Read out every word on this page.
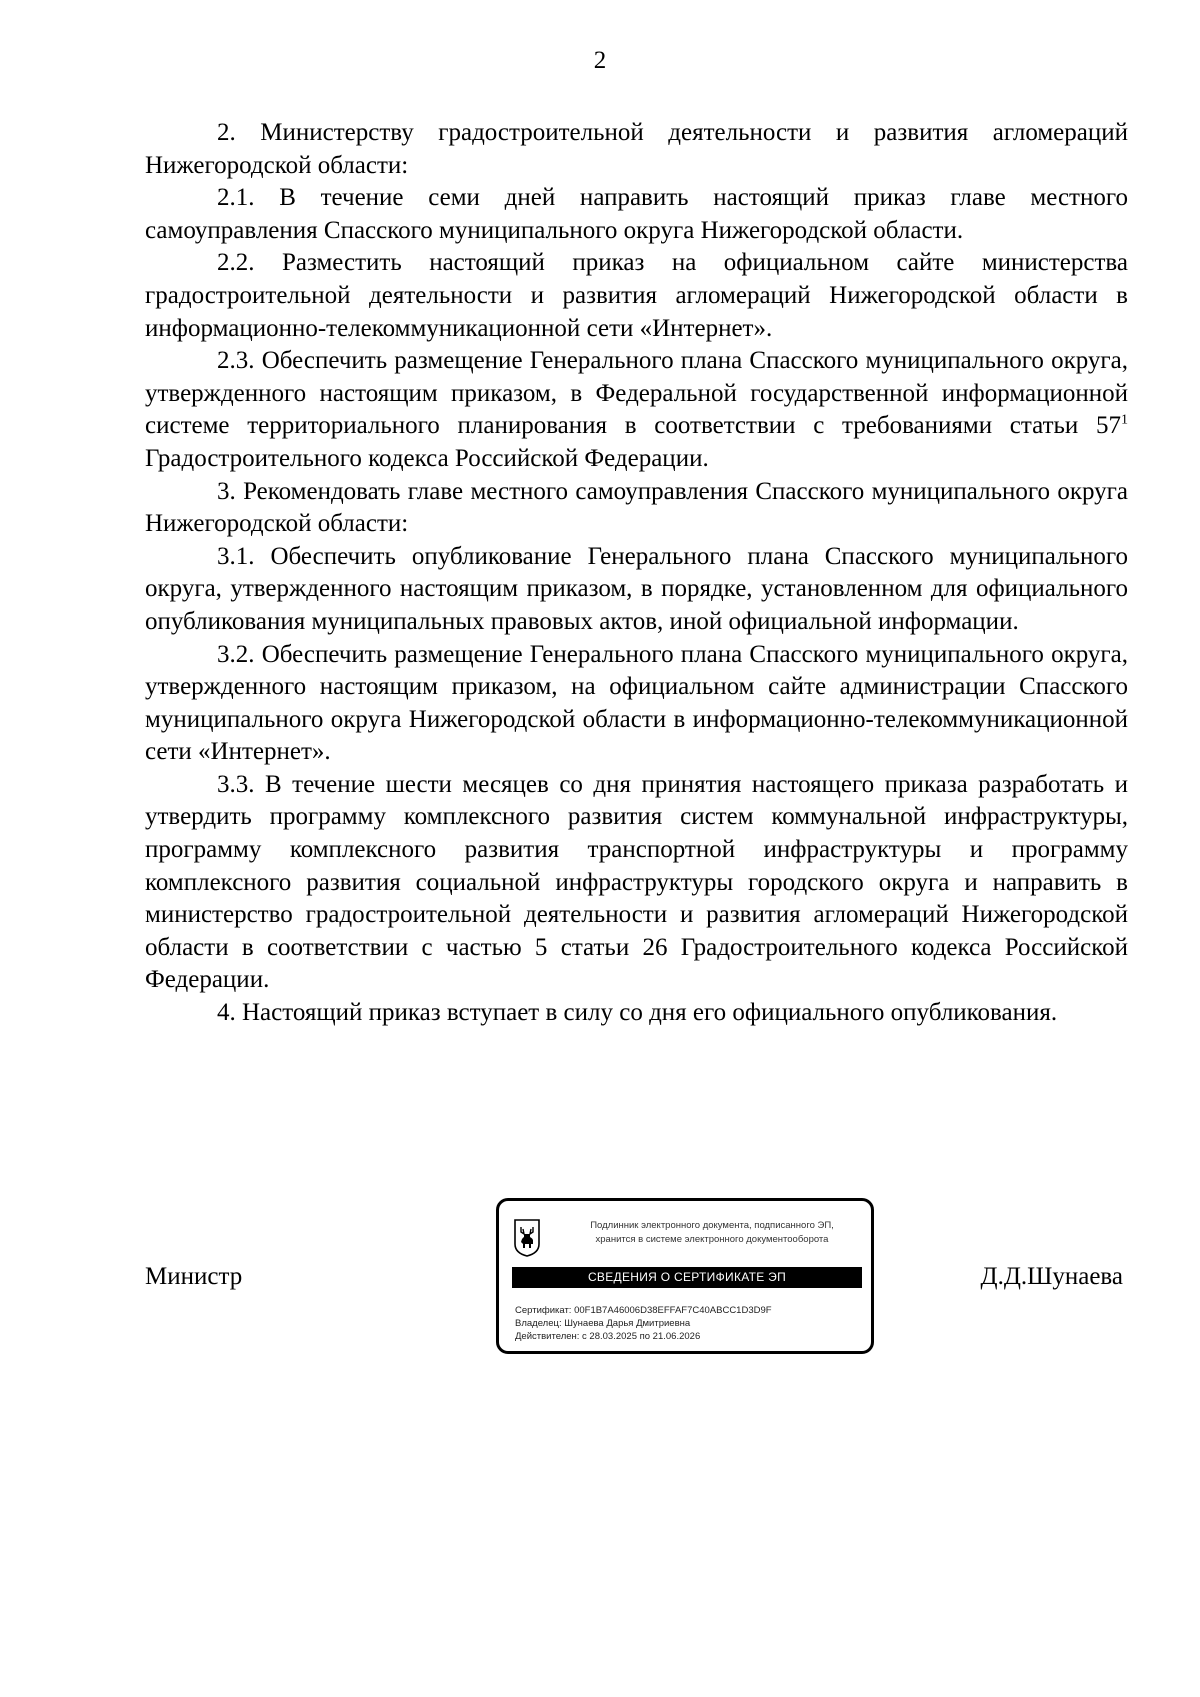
2

2. Министерству градостроительной деятельности и развития агломераций Нижегородской области:

2.1. В течение семи дней направить настоящий приказ главе местного самоуправления Спасского муниципального округа Нижегородской области.

2.2. Разместить настоящий приказ на официальном сайте министерства градостроительной деятельности и развития агломераций Нижегородской области в информационно-телекоммуникационной сети «Интернет».

2.3. Обеспечить размещение Генерального плана Спасского муниципального округа, утвержденного настоящим приказом, в Федеральной государственной информационной системе территориального планирования в соответствии с требованиями статьи $57^1$ Градостроительного кодекса Российской Федерации.

3. Рекомендовать главе местного самоуправления Спасского муниципального округа Нижегородской области:

3.1. Обеспечить опубликование Генерального плана Спасского муниципального округа, утвержденного настоящим приказом, в порядке, установленном для официального опубликования муниципальных правовых актов, иной официальной информации.

3.2. Обеспечить размещение Генерального плана Спасского муниципального округа, утвержденного настоящим приказом, на официальном сайте администрации Спасского муниципального округа Нижегородской области в информационно-телекоммуникационной сети «Интернет».

3.3. В течение шести месяцев со дня принятия настоящего приказа разработать и утвердить программу комплексного развития систем коммунальной инфраструктуры, программу комплексного развития транспортной инфраструктуры и программу комплексного развития социальной инфраструктуры городского округа и направить в министерство градостроительной деятельности и развития агломераций Нижегородской области в соответствии с частью 5 статьи 26 Градостроительного кодекса Российской Федерации.

4. Настоящий приказ вступает в силу со дня его официального опубликования.

Министр
Подлинник электронного документа, подписанного ЭП,
хранится в системе электронного документооборота
СВЕДЕНИЯ О СЕРТИФИКАТЕ ЭП
Сертификат: 00F1B7A46006D38EFFAF7C40ABCC1D3D9F
Владелец: Шунаева Дарья Дмитриевна
Действителен: с 28.03.2025 по 21.06.2026
Д.Д.Шунаева
